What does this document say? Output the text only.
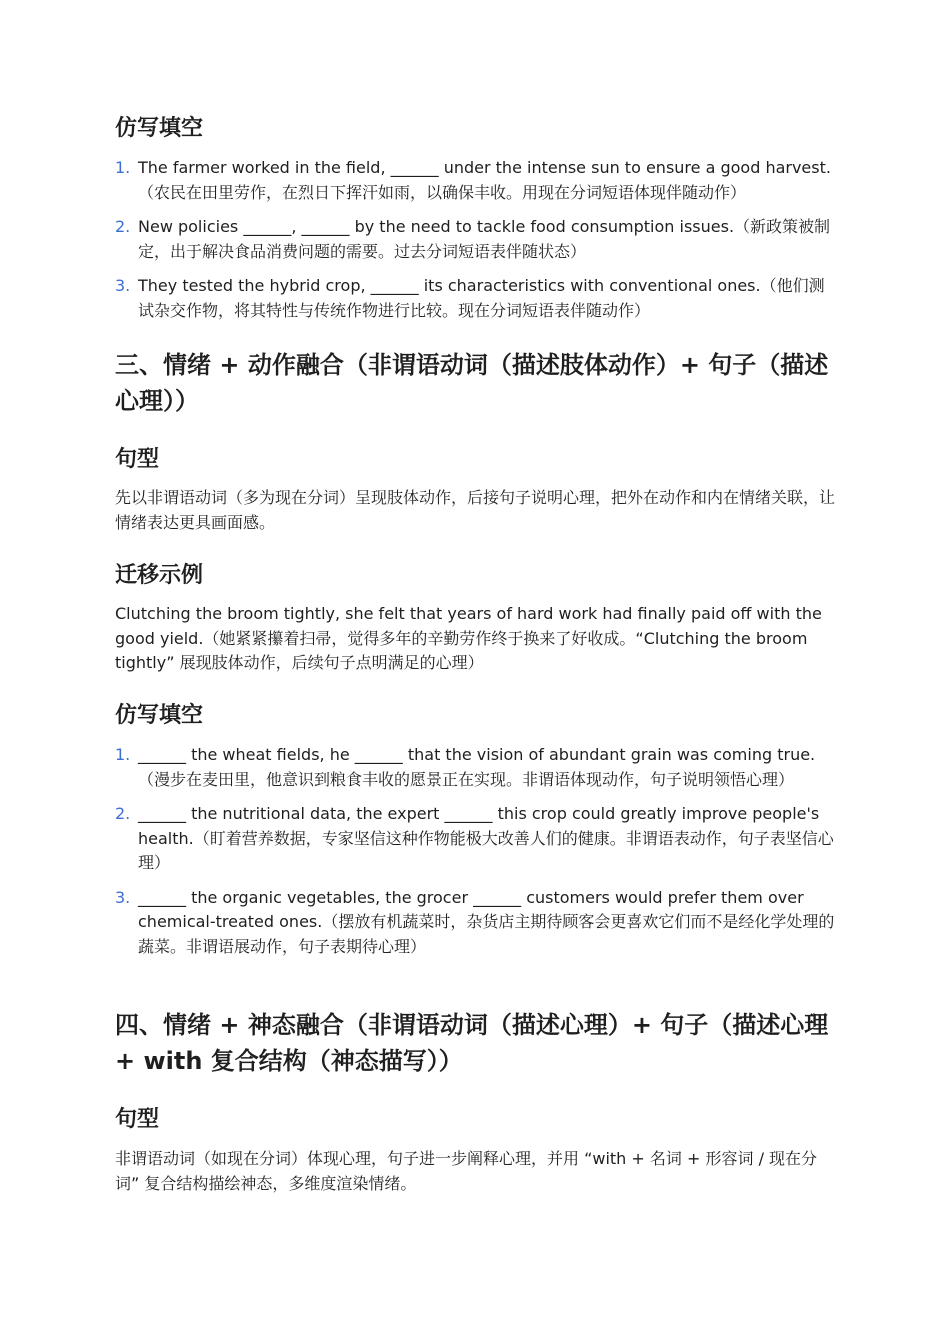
仿写填空
1. The farmer worked in the field, ______ under the intense sun to ensure a good harvest.（农民在田里劳作，在烈日下挥汗如雨，以确保丰收。用现在分词短语体现伴随动作）
2. New policies ______, ______ by the need to tackle food consumption issues.（新政策被制定，出于解决食品消费问题的需要。过去分词短语表伴随状态）
3. They tested the hybrid crop, ______ its characteristics with conventional ones.（他们测试杂交作物，将其特性与传统作物进行比较。现在分词短语表伴随动作）
三、情绪 + 动作融合（非谓语动词（描述肢体动作）+ 句子（描述心理））
句型

先以非谓语动词（多为现在分词）呈现肢体动作，后接句子说明心理，把外在动作和内在情绪关联，让情绪表达更具画面感。

迁移示例

Clutching the broom tightly, she felt that years of hard work had finally paid off with the good yield.（她紧紧攥着扫帚，觉得多年的辛勤劳作终于换来了好收成。“Clutching the broom tightly” 展现肢体动作，后续句子点明满足的心理）

仿写填空
1. ______ the wheat fields, he ______ that the vision of abundant grain was coming true.（漫步在麦田里，他意识到粮食丰收的愿景正在实现。非谓语体现动作，句子说明领悟心理）
2. ______ the nutritional data, the expert ______ this crop could greatly improve people's health.（盯着营养数据，专家坚信这种作物能极大改善人们的健康。非谓语表动作，句子表坚信心理）
3. ______ the organic vegetables, the grocer ______ customers would prefer them over chemical-treated ones.（摆放有机蔬菜时，杂货店主期待顾客会更喜欢它们而不是经化学处理的蔬菜。非谓语展动作，句子表期待心理）
四、情绪 + 神态融合（非谓语动词（描述心理）+ 句子（描述心理 + with 复合结构（神态描写））
句型

非谓语动词（如现在分词）体现心理，句子进一步阐释心理，并用 “with + 名词 + 形容词 / 现在分词” 复合结构描绘神态，多维度渲染情绪。
